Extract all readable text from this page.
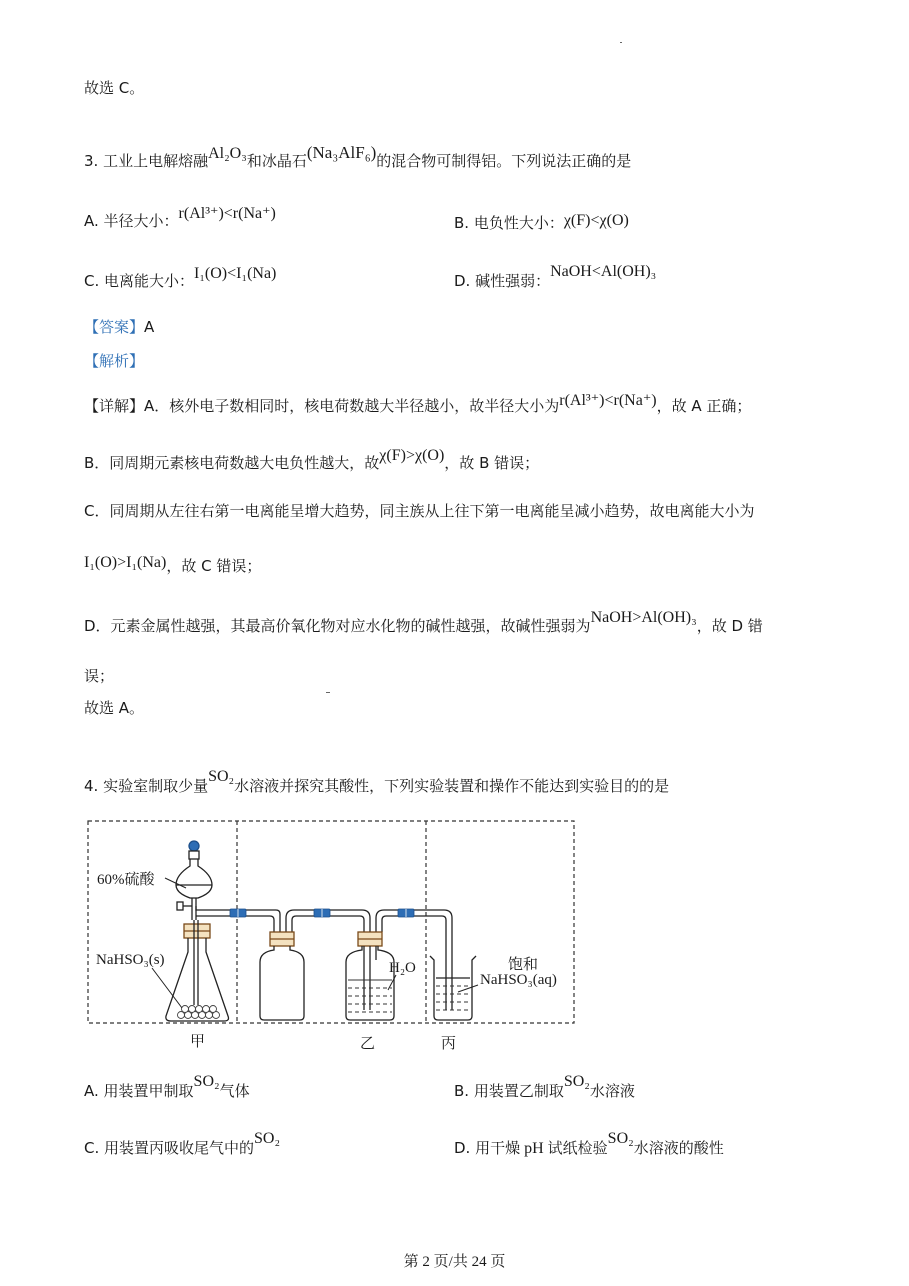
故选 C。
3. 工业上电解熔融Al₂O₃和冰晶石(Na₃AlF₆)的混合物可制得铝。下列说法正确的是
A. 半径大小：r(Al³⁺)<r(Na⁺)
B. 电负性大小：χ(F)<χ(O)
C. 电离能大小：I₁(O)<I₁(Na)	D. 碱性强弱：NaOH<Al(OH)₃
【答案】A
【解析】
【详解】A．核外电子数相同时，核电荷数越大半径越小，故半径大小为r(Al³⁺)<r(Na⁺)，故 A 正确；
B．同周期元素核电荷数越大电负性越大，故χ(F)>χ(O)，故 B 错误；
C．同周期从左往右第一电离能呈增大趋势，同主族从上往下第一电离能呈减小趋势，故电离能大小为
I₁(O)>I₁(Na)，故 C 错误；
D．元素金属性越强，其最高价氧化物对应水化物的碱性越强，故碱性强弱为NaOH>Al(OH)₃，故 D 错
误；
故选 A。
4. 实验室制取少量SO₂水溶液并探究其酸性，下列实验装置和操作不能达到实验目的的是
60%硫酸
NaHSO₃(s)	H₂O	饱和
NaHSO₃(aq)
甲	乙	丙
A. 用装置甲制取SO₂气体	B. 用装置乙制取SO₂水溶液
C. 用装置丙吸收尾气中的SO₂
D. 用干燥 pH 试纸检验SO₂水溶液的酸性
第 2 页/共 24 页
